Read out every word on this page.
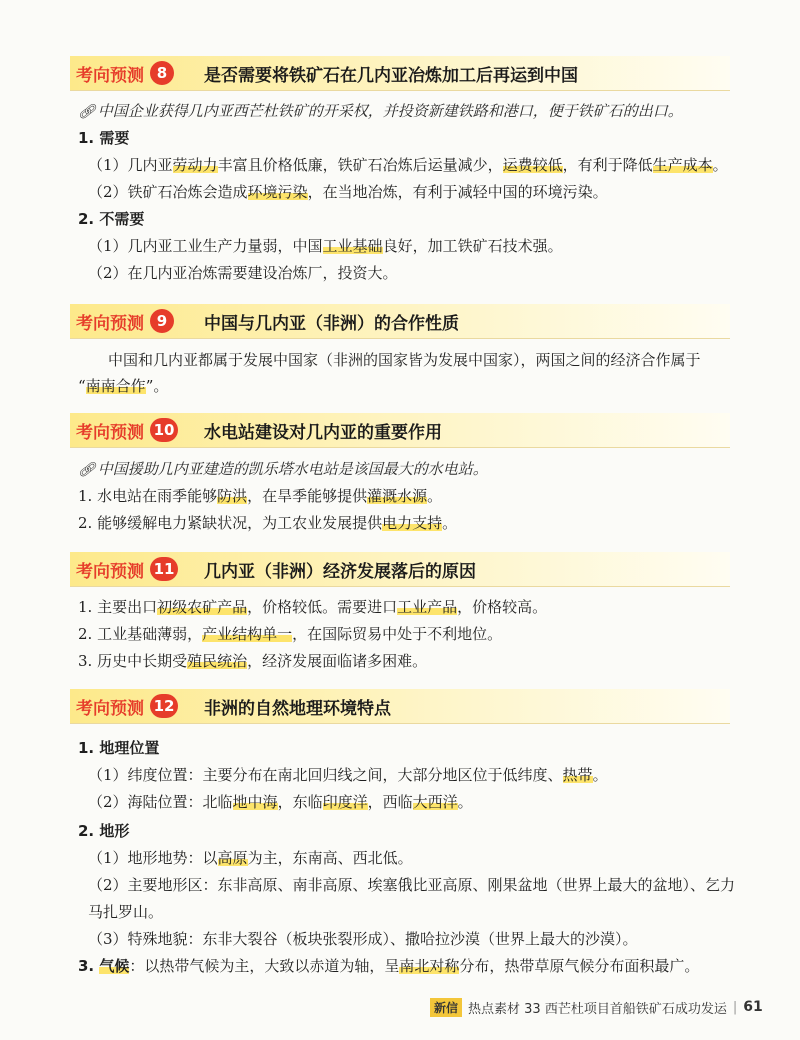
考向预测 8	是否需要将铁矿石在几内亚冶炼加工后再运到中国
🔗︎ 中国企业获得几内亚西芒杜铁矿的开采权，并投资新建铁路和港口，便于铁矿石的出口。
1. 需要
（1）几内亚劳动力丰富且价格低廉，铁矿石冶炼后运量减少，运费较低，有利于降低生产成本。
（2）铁矿石冶炼会造成环境污染，在当地冶炼，有利于减轻中国的环境污染。
2. 不需要
（1）几内亚工业生产力量弱，中国工业基础良好，加工铁矿石技术强。
（2）在几内亚冶炼需要建设冶炼厂，投资大。
考向预测 9	中国与几内亚（非洲）的合作性质
中国和几内亚都属于发展中国家（非洲的国家皆为发展中国家），两国之间的经济合作属于
“南南合作”。
考向预测 10 水电站建设对几内亚的重要作用
🔗︎ 中国援助几内亚建造的凯乐塔水电站是该国最大的水电站。
1. 水电站在雨季能够防洪，在旱季能够提供灌溉水源。
2. 能够缓解电力紧缺状况，为工农业发展提供电力支持。
考向预测 11 几内亚（非洲）经济发展落后的原因
1. 主要出口初级农矿产品，价格较低。需要进口工业产品，价格较高。
2. 工业基础薄弱，产业结构单一，在国际贸易中处于不利地位。
3. 历史中长期受殖民统治，经济发展面临诸多困难。
考向预测 12 非洲的自然地理环境特点
1. 地理位置
（1）纬度位置：主要分布在南北回归线之间，大部分地区位于低纬度、热带。
（2）海陆位置：北临地中海，东临印度洋，西临大西洋。
2. 地形
（1）地形地势：以高原为主，东南高、西北低。
（2）主要地形区：东非高原、南非高原、埃塞俄比亚高原、刚果盆地（世界上最大的盆地）、乞力
马扎罗山。
（3）特殊地貌：东非大裂谷（板块张裂形成）、撒哈拉沙漠（世界上最大的沙漠）。
3. 气候：以热带气候为主，大致以赤道为轴，呈南北对称分布，热带草原气候分布面积最广。
新信 热点素材 33 西芒杜项目首船铁矿石成功发运 | 61
